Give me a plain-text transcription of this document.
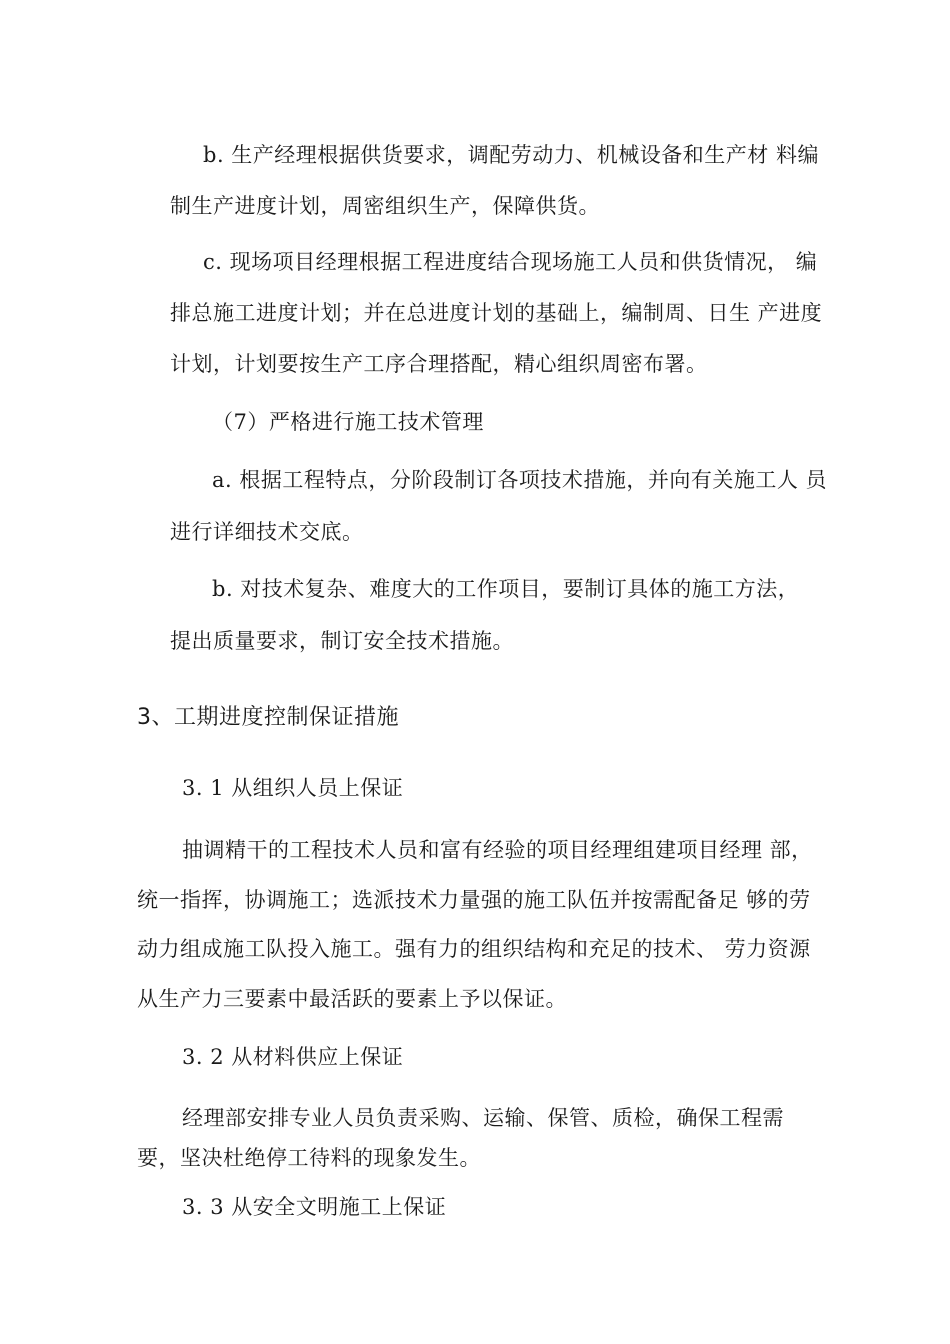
b. 生产经理根据供货要求，调配劳动力、机械设备和生产材 料编
制生产进度计划，周密组织生产，保障供货。
c. 现场项目经理根据工程进度结合现场施工人员和供货情况， 编
排总施工进度计划；并在总进度计划的基础上，编制周、日生 产进度
计划，计划要按生产工序合理搭配，精心组织周密布署。
（7）严格进行施工技术管理
a. 根据工程特点，分阶段制订各项技术措施，并向有关施工人 员
进行详细技术交底。
b. 对技术复杂、难度大的工作项目，要制订具体的施工方法，
提出质量要求，制订安全技术措施。
3、工期进度控制保证措施
3. 1 从组织人员上保证
抽调精干的工程技术人员和富有经验的项目经理组建项目经理 部，
统一指挥，协调施工；选派技术力量强的施工队伍并按需配备足 够的劳
动力组成施工队投入施工。强有力的组织结构和充足的技术、 劳力资源
从生产力三要素中最活跃的要素上予以保证。
3. 2 从材料供应上保证
经理部安排专业人员负责采购、运输、保管、质检，确保工程需
要，坚决杜绝停工待料的现象发生。
3. 3 从安全文明施工上保证
